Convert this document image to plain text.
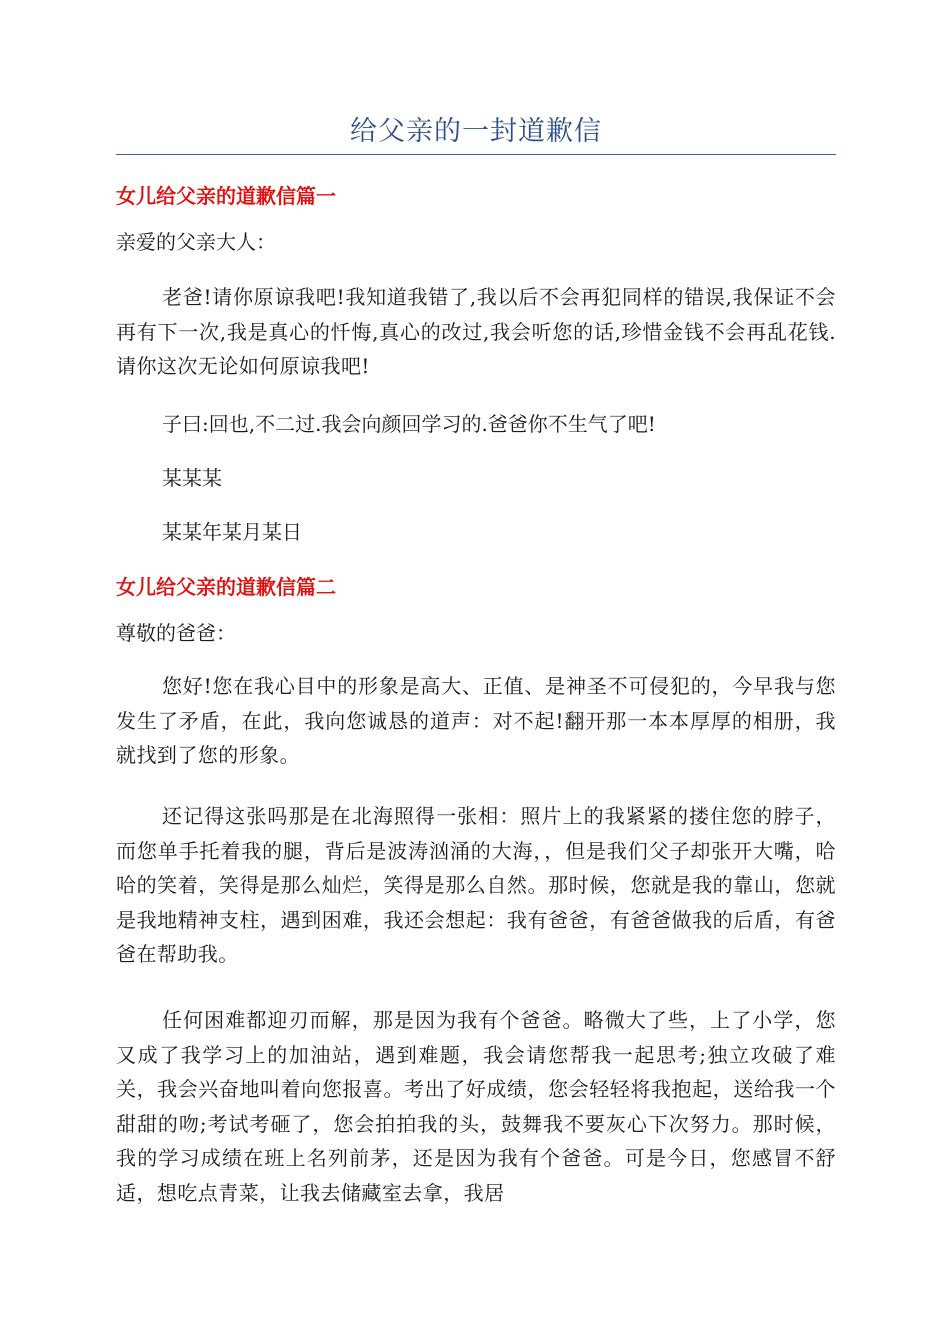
给父亲的一封道歉信
女儿给父亲的道歉信篇一
亲爱的父亲大人：
老爸!请你原谅我吧!我知道我错了,我以后不会再犯同样的错误,我保证不会再有下一次,我是真心的忏悔,真心的改过,我会听您的话,珍惜金钱不会再乱花钱.请你这次无论如何原谅我吧!
子曰:回也,不二过.我会向颜回学习的.爸爸你不生气了吧!
某某某
某某年某月某日
女儿给父亲的道歉信篇二
尊敬的爸爸：
您好!您在我心目中的形象是高大、正值、是神圣不可侵犯的，今早我与您发生了矛盾，在此，我向您诚恳的道声：对不起!翻开那一本本厚厚的相册，我就找到了您的形象。
还记得这张吗那是在北海照得一张相：照片上的我紧紧的搂住您的脖子，而您单手托着我的腿，背后是波涛汹涌的大海，，但是我们父子却张开大嘴，哈哈的笑着，笑得是那么灿烂，笑得是那么自然。那时候，您就是我的靠山，您就是我地精神支柱，遇到困难，我还会想起：我有爸爸，有爸爸做我的后盾，有爸爸在帮助我。
任何困难都迎刃而解，那是因为我有个爸爸。略微大了些，上了小学，您又成了我学习上的加油站，遇到难题，我会请您帮我一起思考;独立攻破了难关，我会兴奋地叫着向您报喜。考出了好成绩，您会轻轻将我抱起，送给我一个甜甜的吻;考试考砸了，您会拍拍我的头，鼓舞我不要灰心下次努力。那时候，我的学习成绩在班上名列前茅，还是因为我有个爸爸。可是今日，您感冒不舒适，想吃点青菜，让我去储藏室去拿，我居
